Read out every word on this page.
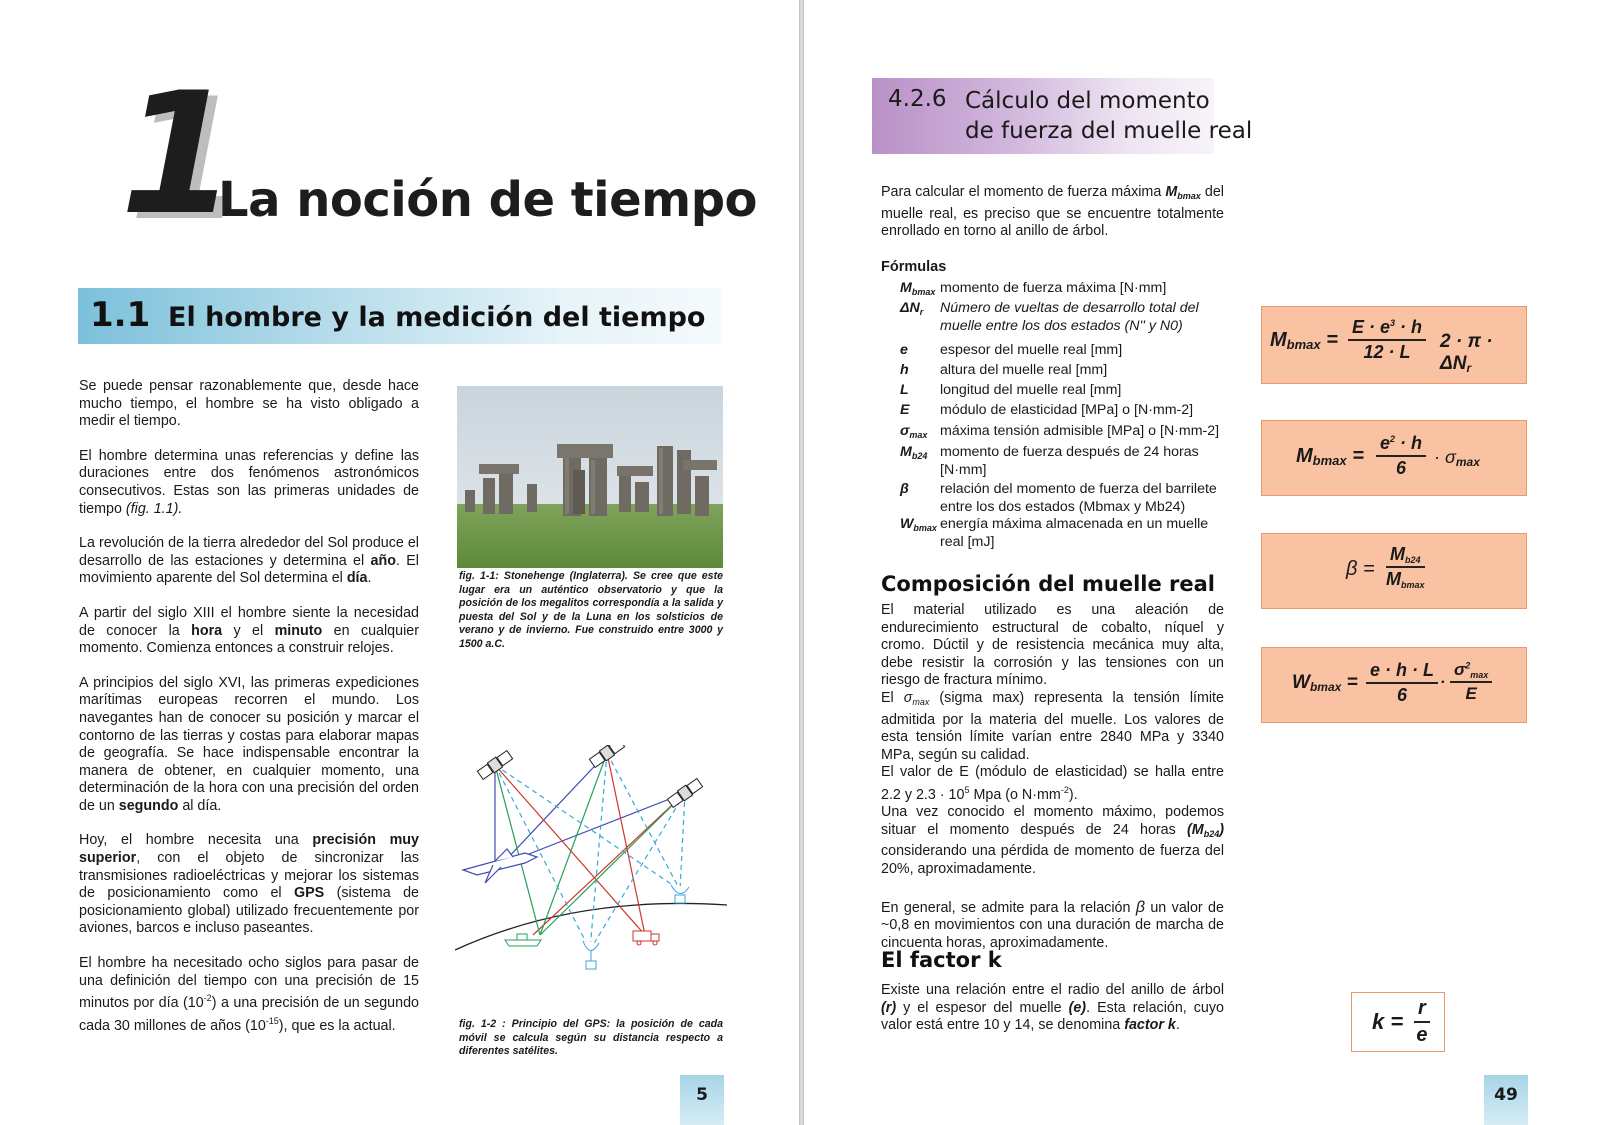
1
La noción de tiempo
1.1 El hombre y la medición del tiempo

Se puede pensar razonablemente que, desde hace mucho tiempo, el hombre se ha visto obligado a medir el tiempo.

El hombre determina unas referencias y define las duraciones entre dos fenómenos astronómicos consecutivos. Estas son las primeras unidades de tiempo (fig. 1.1).

La revolución de la tierra alrededor del Sol produce el desarrollo de las estaciones y determina el año. El movimiento aparente del Sol determina el día.

A partir del siglo XIII el hombre siente la necesidad de conocer la hora y el minuto en cualquier momento. Comienza entonces a construir relojes.

A principios del siglo XVI, las primeras expediciones marítimas europeas recorren el mundo. Los navegantes han de conocer su posición y marcar el contorno de las tierras y costas para elaborar mapas de geografía. Se hace indispensable encontrar la manera de obtener, en cualquier momento, una determinación de la hora con una precisión del orden de un segundo al día.

Hoy, el hombre necesita una precisión muy superior, con el objeto de sincronizar las transmisiones radioeléctricas y mejorar los sistemas de posicionamiento como el GPS (sistema de posicionamiento global) utilizado frecuentemente por aviones, barcos e incluso paseantes.

El hombre ha necesitado ocho siglos para pasar de una definición del tiempo con una precisión de 15 minutos por día $(10^{-2})$ a una precisión de un segundo cada 30 millones de años $(10^{-15})$, que es la actual.

fig. 1-1: Stonehenge (Inglaterra). Se cree que este lugar era un auténtico observatorio y que la posición de los megalitos correspondía a la salida y puesta del Sol y de la Luna en los solsticios de verano y de invierno. Fue construido entre 3000 y 1500 a.C.
fig. 1-2 : Principio del GPS: la posición de cada móvil se calcula según su distancia respecto a diferentes satélites.
5
4.2.6 Cálculo del momento
de fuerza del muelle real
Para calcular el momento de fuerza máxima $M_{bmax}$ del muelle real, es preciso que se encuentre totalmente enrollado en torno al anillo de árbol.
Fórmulas
$M_{bmax}$ momento de fuerza máxima [N·mm]
$\Delta N_r$	Número de vueltas de desarrollo total del muelle entre los dos estados (N'' y N0)
e	espesor del muelle real [mm]
h	altura del muelle real [mm]
L	longitud del muelle real [mm]
E	módulo de elasticidad [MPa] o [N·mm-2]
$\sigma_{max}$ máxima tensión admisible [MPa] o [N·mm-2]
$M_{b24}$ momento de fuerza después de 24 horas [N·mm]
β	relación del momento de fuerza del barrilete entre los dos estados (Mbmax y Mb24)
$W_{bmax}$ energía máxima almacenada en un muelle real [mJ]
Composición del muelle real
El material utilizado es una aleación de endurecimiento estructural de cobalto, níquel y cromo. Dúctil y de resistencia mecánica muy alta, debe resistir la corrosión y las tensiones con un riesgo de fractura mínimo.
El $\sigma_{max}$ (sigma max) representa la tensión límite admitida por la materia del muelle. Los valores de esta tensión límite varían entre 2840 MPa y 3340 MPa, según su calidad.
El valor de E (módulo de elasticidad) se halla entre 2.2 y $2.3 \cdot 10^5$ Mpa (o $N\cdot mm^{-2}$).
Una vez conocido el momento máximo, podemos situar el momento después de 24 horas $(M_{b24})$ considerando una pérdida de momento de fuerza del 20%, aproximadamente.
En general, se admite para la relación β un valor de ~0,8 en movimientos con una duración de marcha de cincuenta horas, aproximadamente.
El factor k
Existe una relación entre el radio del anillo de árbol (r) y el espesor del muelle (e). Esta relación, cuyo valor está entre 10 y 14, se denomina factor k.
$M_{bmax} = \frac{E \cdot e^3 \cdot h}{12 \cdot L} 2 \cdot \pi \cdot \Delta N_r$
$M_{bmax} = \frac{e^2 \cdot h}{6} \cdot \sigma_{max}$
β =
$M_{b24}$
$M_{bmax}$
$W_{bmax} = \frac{e \cdot h \cdot L}{6}$ ·
$\sigma^2_{max}$
E
$k = \frac{r}{e}$
49
